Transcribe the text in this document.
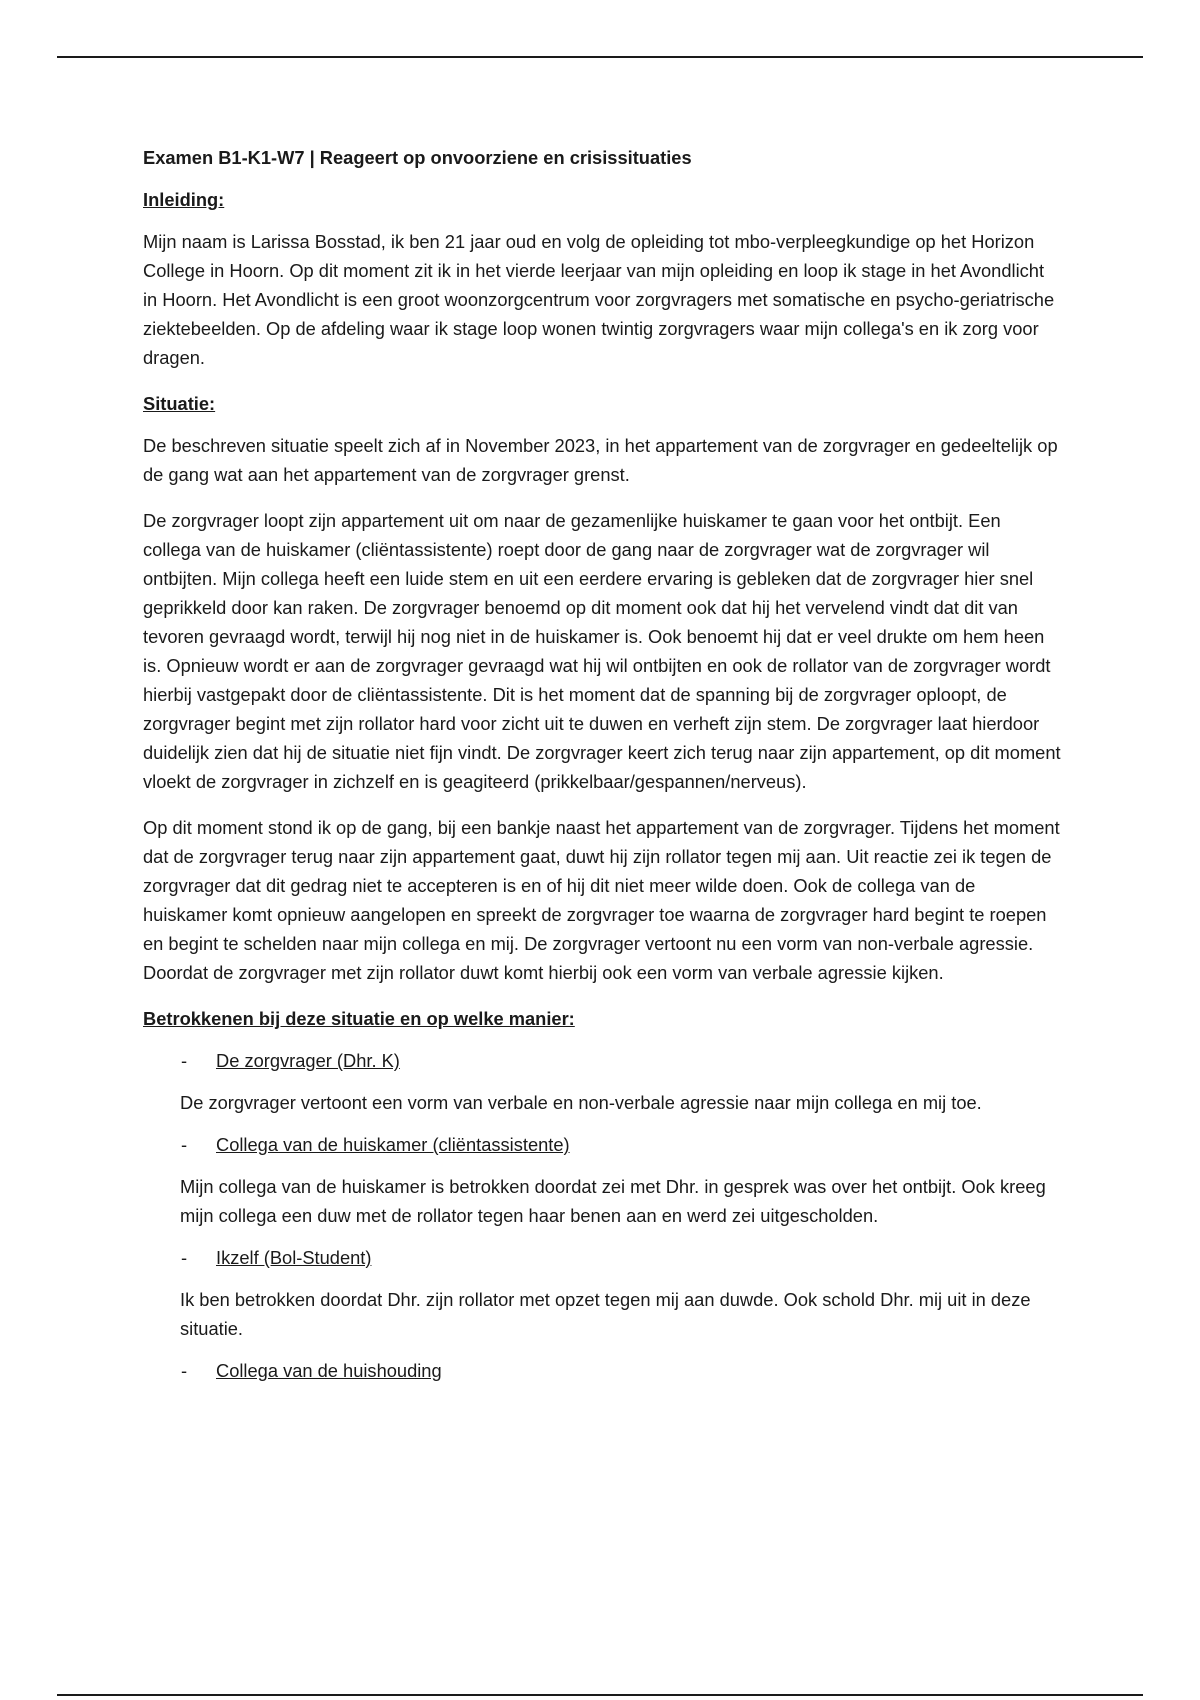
Examen B1-K1-W7 | Reageert op onvoorziene en crisissituaties

Inleiding:

Mijn naam is Larissa Bosstad, ik ben 21 jaar oud en volg de opleiding tot mbo-verpleegkundige op het Horizon College in Hoorn. Op dit moment zit ik in het vierde leerjaar van mijn opleiding en loop ik stage in het Avondlicht in Hoorn. Het Avondlicht is een groot woonzorgcentrum voor zorgvragers met somatische en psycho-geriatrische ziektebeelden. Op de afdeling waar ik stage loop wonen twintig zorgvragers waar mijn collega's en ik zorg voor dragen.

Situatie:

De beschreven situatie speelt zich af in November 2023, in het appartement van de zorgvrager en gedeeltelijk op de gang wat aan het appartement van de zorgvrager grenst.

De zorgvrager loopt zijn appartement uit om naar de gezamenlijke huiskamer te gaan voor het ontbijt. Een collega van de huiskamer (cliëntassistente) roept door de gang naar de zorgvrager wat de zorgvrager wil ontbijten. Mijn collega heeft een luide stem en uit een eerdere ervaring is gebleken dat de zorgvrager hier snel geprikkeld door kan raken. De zorgvrager benoemd op dit moment ook dat hij het vervelend vindt dat dit van tevoren gevraagd wordt, terwijl hij nog niet in de huiskamer is. Ook benoemt hij dat er veel drukte om hem heen is. Opnieuw wordt er aan de zorgvrager gevraagd wat hij wil ontbijten en ook de rollator van de zorgvrager wordt hierbij vastgepakt door de cliëntassistente. Dit is het moment dat de spanning bij de zorgvrager oploopt, de zorgvrager begint met zijn rollator hard voor zicht uit te duwen en verheft zijn stem. De zorgvrager laat hierdoor duidelijk zien dat hij de situatie niet fijn vindt. De zorgvrager keert zich terug naar zijn appartement, op dit moment vloekt de zorgvrager in zichzelf en is geagiteerd (prikkelbaar/gespannen/nerveus).

Op dit moment stond ik op de gang, bij een bankje naast het appartement van de zorgvrager. Tijdens het moment dat de zorgvrager terug naar zijn appartement gaat, duwt hij zijn rollator tegen mij aan. Uit reactie zei ik tegen de zorgvrager dat dit gedrag niet te accepteren is en of hij dit niet meer wilde doen. Ook de collega van de huiskamer komt opnieuw aangelopen en spreekt de zorgvrager toe waarna de zorgvrager hard begint te roepen en begint te schelden naar mijn collega en mij. De zorgvrager vertoont nu een vorm van non-verbale agressie. Doordat de zorgvrager met zijn rollator duwt komt hierbij ook een vorm van verbale agressie kijken.

Betrokkenen bij deze situatie en op welke manier:

- De zorgvrager (Dhr. K)

De zorgvrager vertoont een vorm van verbale en non-verbale agressie naar mijn collega en mij toe.

- Collega van de huiskamer (cliëntassistente)

Mijn collega van de huiskamer is betrokken doordat zei met Dhr. in gesprek was over het ontbijt. Ook kreeg mijn collega een duw met de rollator tegen haar benen aan en werd zei uitgescholden.

- Ikzelf (Bol-Student)

Ik ben betrokken doordat Dhr. zijn rollator met opzet tegen mij aan duwde. Ook schold Dhr. mij uit in deze situatie.

- Collega van de huishouding
